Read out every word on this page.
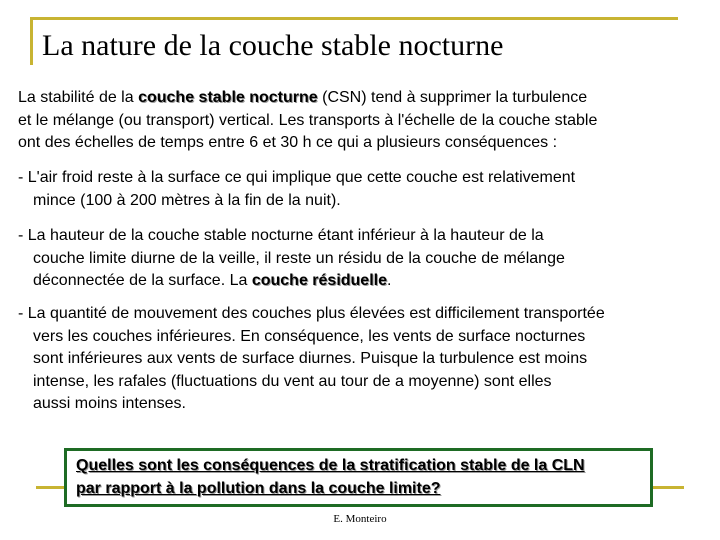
La nature de la couche stable nocturne
La stabilité de la couche stable nocturne (CSN) tend à supprimer la turbulence
et le mélange (ou transport) vertical. Les transports à l'échelle de la couche stable
ont des échelles de temps entre 6 et 30 h ce qui a plusieurs conséquences :
- L'air froid reste à la surface ce qui implique que cette couche est relativement
mince (100 à 200 mètres à la fin de la nuit).
- La hauteur de la couche stable nocturne étant inférieur à la hauteur de la
couche limite diurne de la veille, il reste un résidu de la couche de mélange
déconnectée de la surface. La couche résiduelle.
- La quantité de mouvement des couches plus élevées est difficilement transportée
vers les couches inférieures. En conséquence, les vents de surface nocturnes
sont inférieures aux vents de surface diurnes. Puisque la turbulence est moins
intense, les rafales (fluctuations du vent au tour de a moyenne) sont elles
aussi moins intenses.
Quelles sont les conséquences de la stratification stable de la CLN
par rapport à la pollution dans la couche limite?
E. Monteiro
